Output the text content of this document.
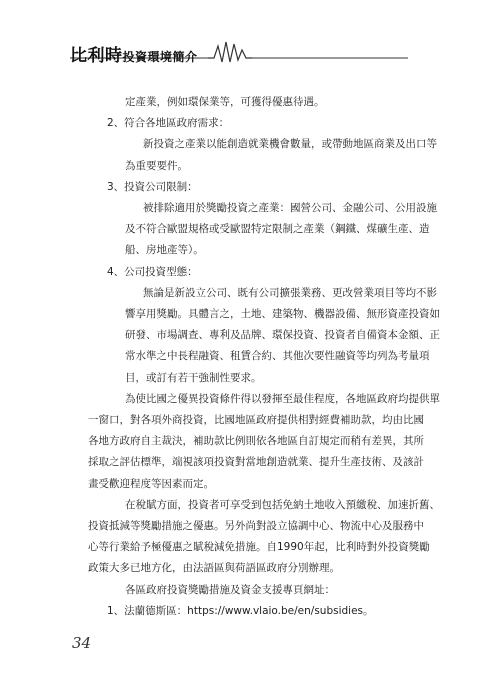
比利時投資環境簡介
定產業，例如環保業等，可獲得優惠待遇。
2、符合各地區政府需求：
新投資之產業以能創造就業機會數量，或帶動地區商業及出口等
為重要要件。
3、投資公司限制：
被排除適用於獎勵投資之產業：國營公司、金融公司、公用設施
及不符合歐盟規格或受歐盟特定限制之產業（鋼鐵、煤礦生產、造
船、房地產等）。
4、公司投資型態：
無論是新設立公司、既有公司擴張業務、更改營業項目等均不影
響享用獎勵。具體言之，土地、建築物、機器設備、無形資產投資如
研發、市場調查、專利及品牌、環保投資、投資者自備資本金額、正
常水準之中長程融資、租賃合約、其他次要性融資等均列為考量項
目，或訂有若干強制性要求。
為使比國之優異投資條件得以發揮至最佳程度，各地區政府均提供單
一窗口，對各項外商投資，比國地區政府提供相對經費補助款，均由比國
各地方政府自主裁決，補助款比例則依各地區自訂規定而稍有差異，其所
採取之評估標準，端視該項投資對當地創造就業、提升生產技術、及該計
畫受歡迎程度等因素而定。
在稅賦方面，投資者可享受到包括免納土地收入預繳稅、加速折舊、
投資抵減等獎勵措施之優惠。另外尚對設立協調中心、物流中心及服務中
心等行業給予極優惠之賦稅減免措施。自1990年起，比利時對外投資獎勵
政策大多已地方化，由法語區與荷語區政府分別辦理。
各區政府投資獎勵措施及資金支援專頁網址：
1、法蘭德斯區：https://www.vlaio.be/en/subsidies。
34
